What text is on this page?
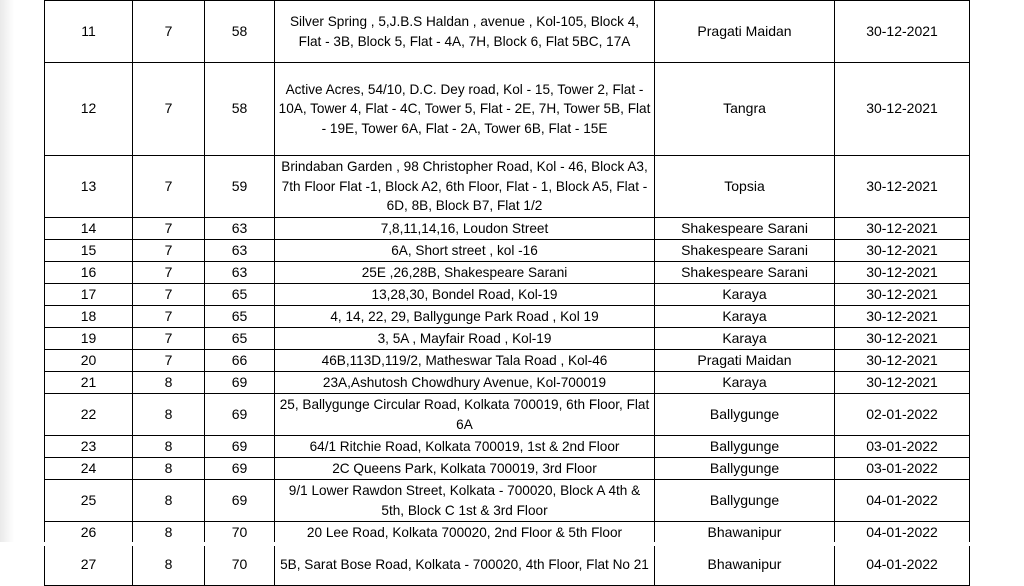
11	7	58	Silver Spring , 5,J.B.S Haldan , avenue , Kol-105, Block 4, Flat - 3B, Block 5, Flat - 4A, 7H, Block 6, Flat 5BC, 17A	Pragati Maidan	30-12-2021
12	7	58	Active Acres, 54/10, D.C. Dey road, Kol - 15, Tower 2, Flat - 10A, Tower 4, Flat - 4C, Tower 5, Flat - 2E, 7H, Tower 5B, Flat - 19E, Tower 6A, Flat - 2A, Tower 6B, Flat - 15E	Tangra	30-12-2021
13	7	59	Brindaban Garden , 98 Christopher Road, Kol - 46, Block A3, 7th Floor Flat -1, Block A2, 6th Floor, Flat - 1, Block A5, Flat - 6D, 8B, Block B7, Flat 1/2	Topsia	30-12-2021
14	7	63	7,8,11,14,16, Loudon Street	Shakespeare Sarani	30-12-2021
15	7	63	6A, Short street , kol -16	Shakespeare Sarani	30-12-2021
16	7	63	25E ,26,28B, Shakespeare Sarani	Shakespeare Sarani	30-12-2021
17	7	65	13,28,30, Bondel Road, Kol-19	Karaya	30-12-2021
18	7	65	4, 14, 22, 29, Ballygunge Park Road , Kol 19	Karaya	30-12-2021
19	7	65	3, 5A , Mayfair Road , Kol-19	Karaya	30-12-2021
20	7	66	46B,113D,119/2, Matheswar Tala Road , Kol-46	Pragati Maidan	30-12-2021
21	8	69	23A,Ashutosh Chowdhury Avenue, Kol-700019	Karaya	30-12-2021
22	8	69	25, Ballygunge Circular Road, Kolkata 700019, 6th Floor, Flat 6A	Ballygunge	02-01-2022
23	8	69	64/1 Ritchie Road, Kolkata 700019, 1st & 2nd Floor	Ballygunge	03-01-2022
24	8	69	2C Queens Park, Kolkata 700019, 3rd Floor	Ballygunge	03-01-2022
25	8	69	9/1 Lower Rawdon Street, Kolkata - 700020, Block A 4th & 5th, Block C 1st & 3rd Floor	Ballygunge	04-01-2022
26	8	70	20 Lee Road, Kolkata 700020, 2nd Floor & 5th Floor	Bhawanipur	04-01-2022
27	8	70	5B, Sarat Bose Road, Kolkata - 700020, 4th Floor, Flat No 21	Bhawanipur	04-01-2022
